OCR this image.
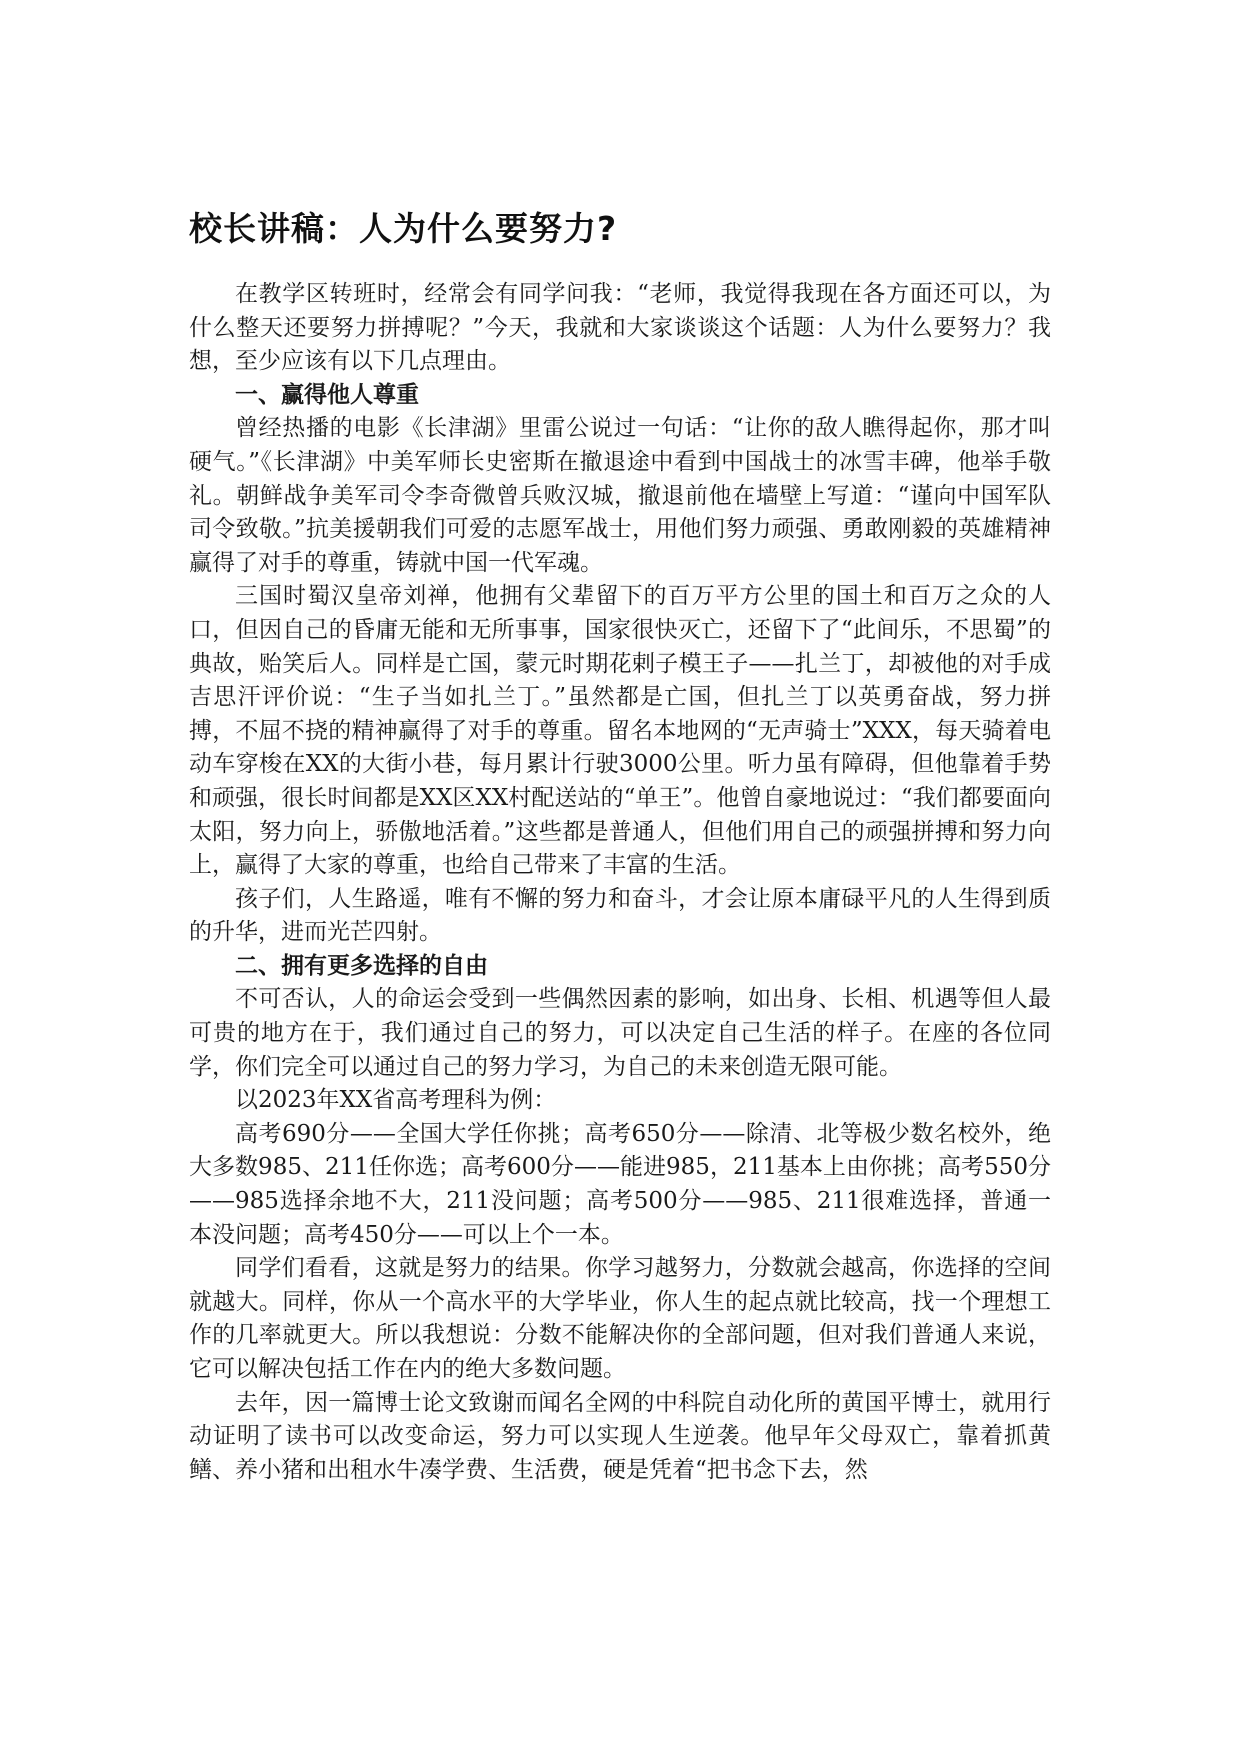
校长讲稿：人为什么要努力?

在教学区转班时，经常会有同学问我：“老师，我觉得我现在各方面还可以，为什么整天还要努力拼搏呢？”今天，我就和大家谈谈这个话题：人为什么要努力？我想，至少应该有以下几点理由。

一、赢得他人尊重

曾经热播的电影《长津湖》里雷公说过一句话：“让你的敌人瞧得起你，那才叫硬气。”《长津湖》中美军师长史密斯在撤退途中看到中国战士的冰雪丰碑，他举手敬礼。朝鲜战争美军司令李奇微曾兵败汉城，撤退前他在墙壁上写道：“谨向中国军队司令致敬。”抗美援朝我们可爱的志愿军战士，用他们努力顽强、勇敢刚毅的英雄精神赢得了对手的尊重，铸就中国一代军魂。

三国时蜀汉皇帝刘禅，他拥有父辈留下的百万平方公里的国土和百万之众的人口，但因自己的昏庸无能和无所事事，国家很快灭亡，还留下了“此间乐，不思蜀”的典故，贻笑后人。同样是亡国，蒙元时期花剌子模王子——扎兰丁，却被他的对手成吉思汗评价说：“生子当如扎兰丁。”虽然都是亡国，但扎兰丁以英勇奋战，努力拼搏，不屈不挠的精神赢得了对手的尊重。留名本地网的“无声骑士”XXX，每天骑着电动车穿梭在XX的大街小巷，每月累计行驶3000公里。听力虽有障碍，但他靠着手势和顽强，很长时间都是XX区XX村配送站的“单王”。他曾自豪地说过：“我们都要面向太阳，努力向上，骄傲地活着。”这些都是普通人，但他们用自己的顽强拼搏和努力向上，赢得了大家的尊重，也给自己带来了丰富的生活。

孩子们，人生路遥，唯有不懈的努力和奋斗，才会让原本庸碌平凡的人生得到质的升华，进而光芒四射。

二、拥有更多选择的自由

不可否认，人的命运会受到一些偶然因素的影响，如出身、长相、机遇等但人最可贵的地方在于，我们通过自己的努力，可以决定自己生活的样子。在座的各位同学，你们完全可以通过自己的努力学习，为自己的未来创造无限可能。

以2023年XX省高考理科为例：

高考690分——全国大学任你挑；高考650分——除清、北等极少数名校外，绝大多数985、211任你选；高考600分——能进985，211基本上由你挑；高考550分——985选择余地不大，211没问题；高考500分——985、211很难选择，普通一本没问题；高考450分——可以上个一本。

同学们看看，这就是努力的结果。你学习越努力，分数就会越高，你选择的空间就越大。同样，你从一个高水平的大学毕业，你人生的起点就比较高，找一个理想工作的几率就更大。所以我想说：分数不能解决你的全部问题，但对我们普通人来说，它可以解决包括工作在内的绝大多数问题。

去年，因一篇博士论文致谢而闻名全网的中科院自动化所的黄国平博士，就用行动证明了读书可以改变命运，努力可以实现人生逆袭。他早年父母双亡，靠着抓黄鳝、养小猪和出租水牛凑学费、生活费，硬是凭着“把书念下去，然
